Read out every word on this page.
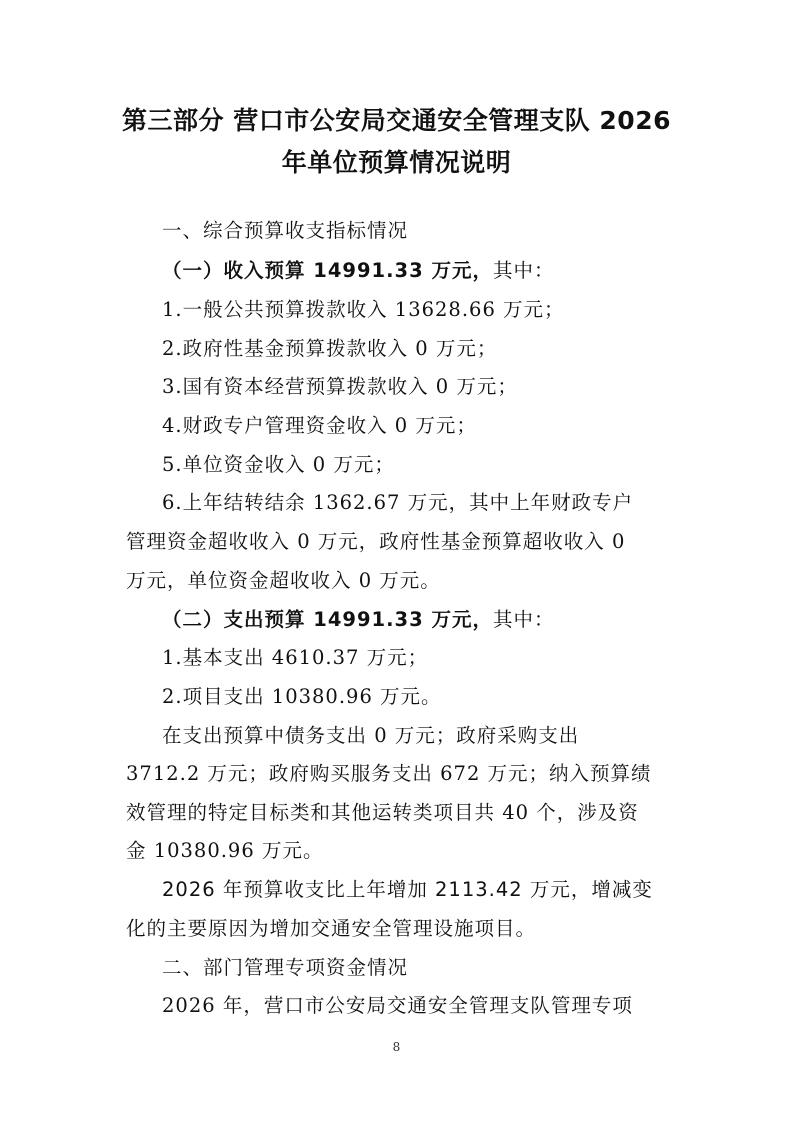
第三部分 营口市公安局交通安全管理支队 2026
年单位预算情况说明
一、综合预算收支指标情况
（一）收入预算 14991.33 万元，其中：
1.一般公共预算拨款收入 13628.66 万元；
2.政府性基金预算拨款收入 0 万元；
3.国有资本经营预算拨款收入 0 万元；
4.财政专户管理资金收入 0 万元；
5.单位资金收入 0 万元；
6.上年结转结余 1362.67 万元，其中上年财政专户
管理资金超收收入 0 万元，政府性基金预算超收收入 0
万元，单位资金超收收入 0 万元。
（二）支出预算 14991.33 万元，其中：
1.基本支出 4610.37 万元；
2.项目支出 10380.96 万元。
在支出预算中债务支出 0 万元；政府采购支出
3712.2 万元；政府购买服务支出 672 万元；纳入预算绩
效管理的特定目标类和其他运转类项目共 40 个，涉及资
金 10380.96 万元。
2026 年预算收支比上年增加 2113.42 万元，增减变
化的主要原因为增加交通安全管理设施项目。
二、部门管理专项资金情况
2026 年，营口市公安局交通安全管理支队管理专项
8
